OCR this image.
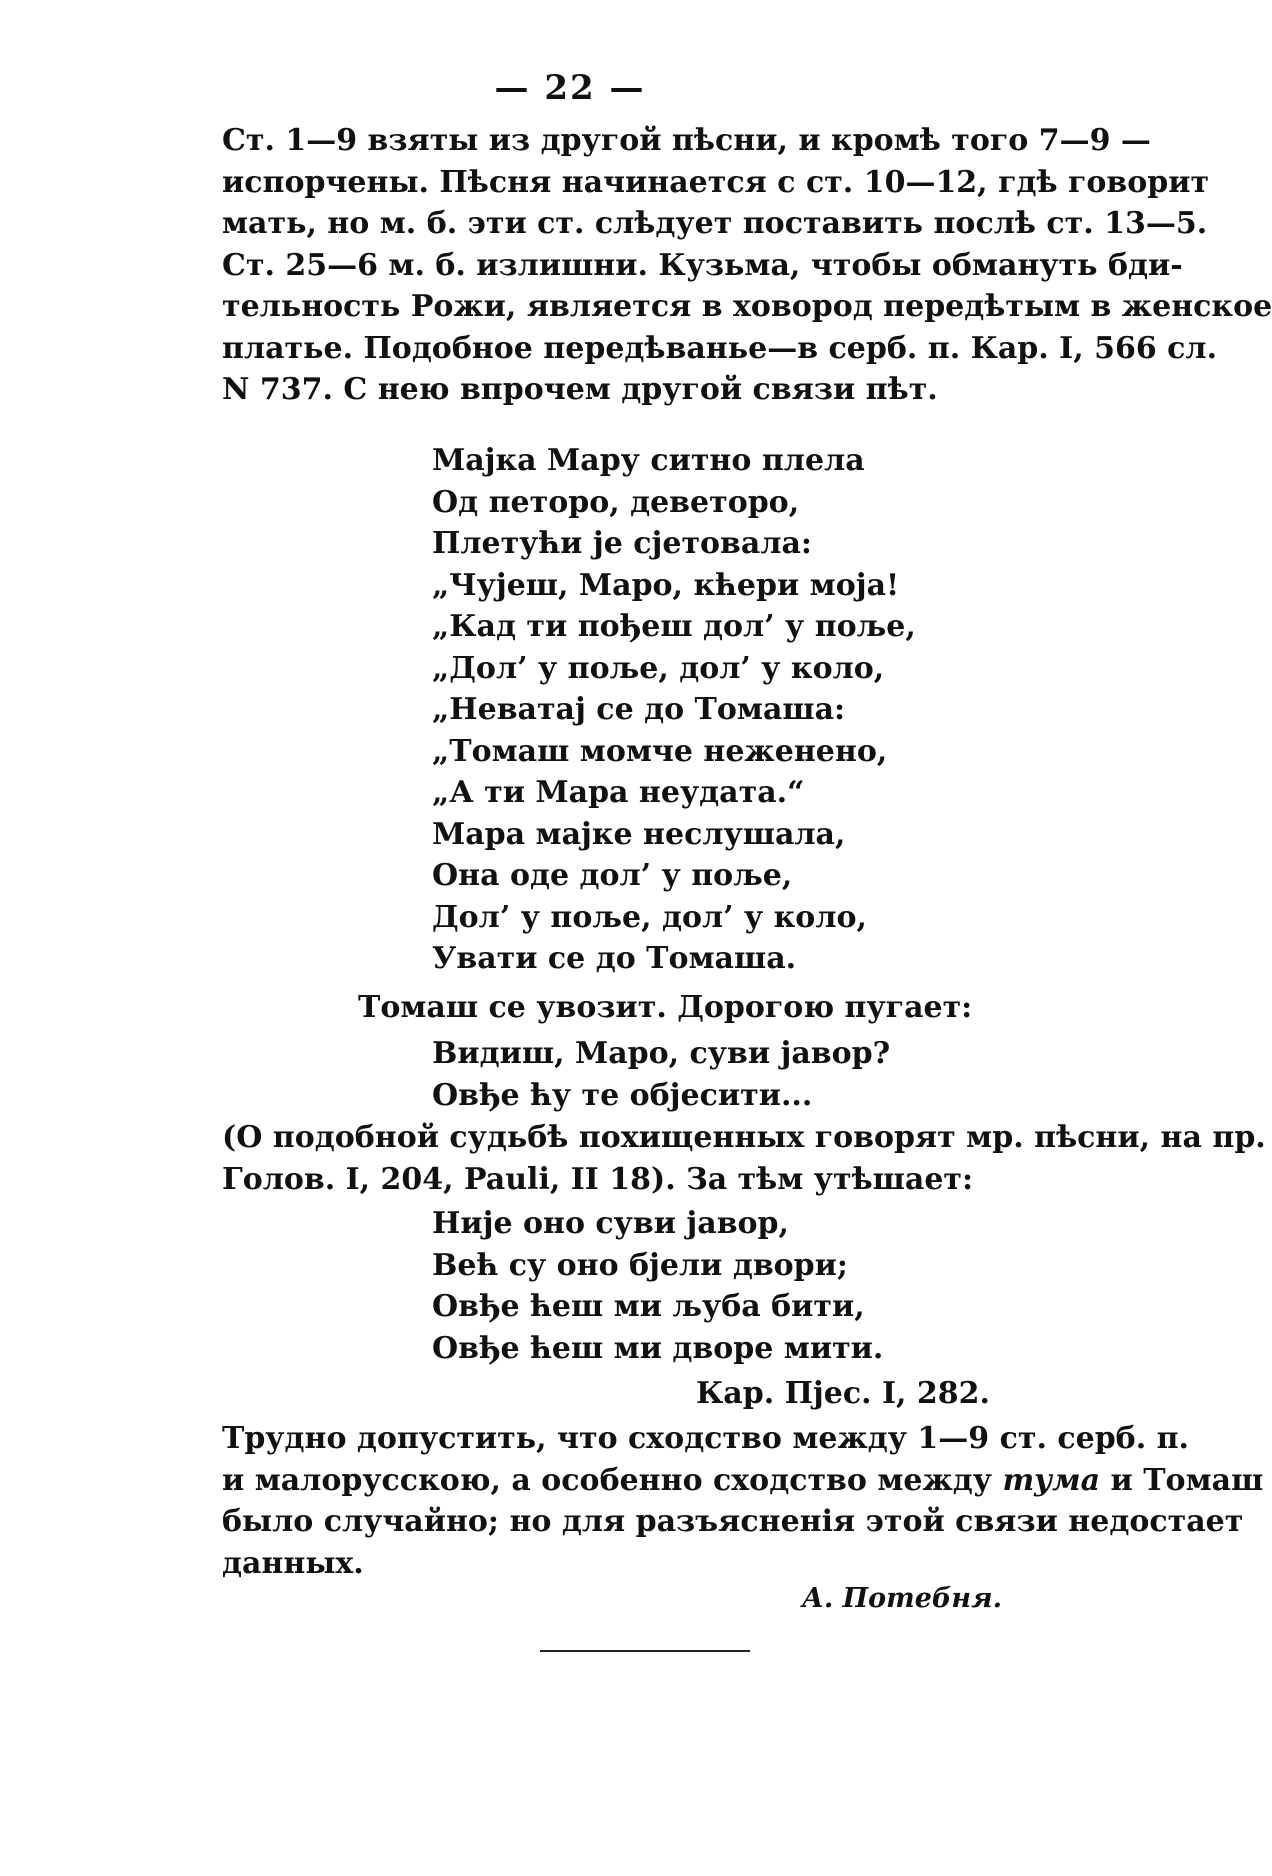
— 22 —
Ст. 1—9 взяты из другой пѣсни, и кромѣ того 7—9 —
испорчены. Пѣсня начинается с ст. 10—12, гдѣ говорит
мать, но м. б. эти ст. слѣдует поставить послѣ ст. 13—5.
Ст. 25—6 м. б. излишни. Кузьма, чтобы обмануть бди-
тельность Рожи, является в ховород передѣтым в женское
платье. Подобное передѣванье—в серб. п. Кар. I, 566 сл.
N 737. С нею впрочем другой связи пѣт.
Мајка Мару ситно плела
Од петоро, деветоро,
Плетући је сјетовала:
„Чујеш, Маро, кћери моја!
„Кад ти пођеш дол’ у поље,
„Дол’ у поље, дол’ у коло,
„Неватај се до Томаша:
„Томаш момче неженено,
„А ти Мара неудата.“
Мара мајке неслушала,
Она оде дол’ у поље,
Дол’ у поље, дол’ у коло,
Увати се до Томаша.
Томаш се увозит. Дорогою пугает:
Видиш, Маро, суви јавор?
Овђе ћу те објесити...
(О подобной судьбѣ похищенных говорят мр. пѣсни, на пр.
Голов. I, 204, Pauli, II 18). За тѣм утѣшает:
Није оно суви јавор,
Већ су оно бјели двори;
Овђе ћеш ми љуба бити,
Овђе ћеш ми дворе мити.
Кар. Пјес. I, 282.
Трудно допустить, что сходство между 1—9 ст. серб. п.
и малорусскою, а особенно сходство между тума и Томаш
было случайно; но для разъясненія этой связи недостает
данных.
А. Потебня.
